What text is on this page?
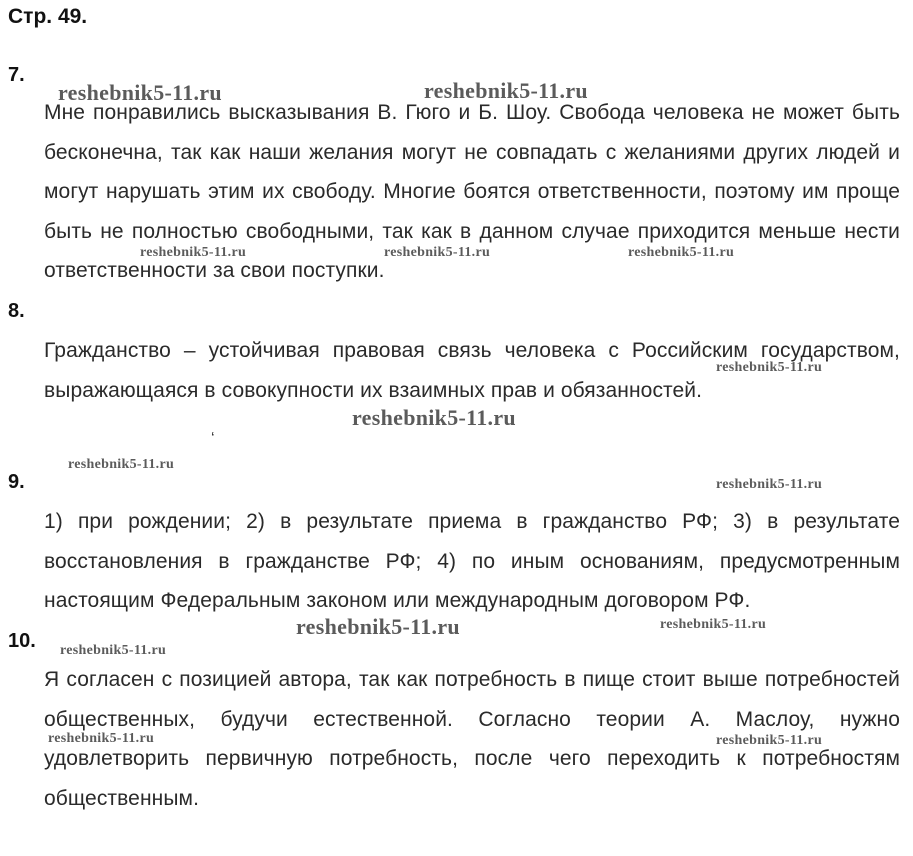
Стр. 49.
7.
Мне понравились высказывания В. Гюго и Б. Шоу. Свобода человека не может быть бесконечна, так как наши желания могут не совпадать с желаниями других людей и могут нарушать этим их свободу. Многие боятся ответственности, поэтому им проще быть не полностью свободными, так как в данном случае приходится меньше нести ответственности за свои поступки.
8.
Гражданство – устойчивая правовая связь человека с Российским государством, выражающаяся в совокупности их взаимных прав и обязанностей.
‘
9.
1) при рождении; 2) в результате приема в гражданство РФ; 3) в результате восстановления в гражданстве РФ; 4) по иным основаниям, предусмотренным настоящим Федеральным законом или международным договором РФ.
10.
Я согласен с позицией автора, так как потребность в пище стоит выше потребностей общественных, будучи естественной. Согласно теории А. Маслоу, нужно удовлетворить первичную потребность, после чего переходить к потребностям общественным.
reshebnik5-11.ru	reshebnik5-11.ru
reshebnik5-11.ru	reshebnik5-11.ru	reshebnik5-11.ru
reshebnik5-11.ru
reshebnik5-11.ru
reshebnik5-11.ru
reshebnik5-11.ru
reshebnik5-11.ru	reshebnik5-11.ru
reshebnik5-11.ru
reshebnik5-11.ru	reshebnik5-11.ru
